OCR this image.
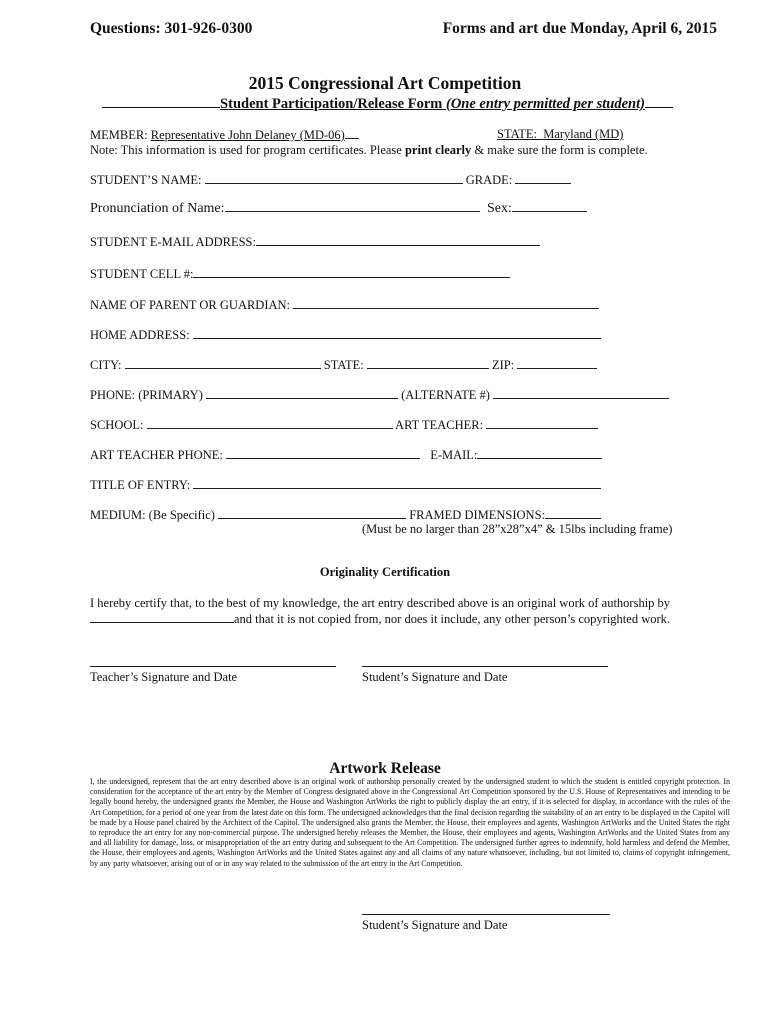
Questions: 301-926-0300	Forms and art due Monday, April 6, 2015
2015 Congressional Art Competition
Student Participation/Release Form (One entry permitted per student)
MEMBER: Representative John Delaney (MD-06)	STATE: Maryland (MD)
Note: This information is used for program certificates. Please print clearly & make sure the form is complete.
STUDENT’S NAME:	GRADE:
Pronunciation of Name:	Sex:
STUDENT E-MAIL ADDRESS:
STUDENT CELL #:
NAME OF PARENT OR GUARDIAN:
HOME ADDRESS:
CITY:	STATE:	ZIP:
PHONE: (PRIMARY)	(ALTERNATE #)
SCHOOL:	ART TEACHER:
ART TEACHER PHONE:	E-MAIL:
TITLE OF ENTRY:
MEDIUM: (Be Specific)	FRAMED DIMENSIONS:
(Must be no larger than 28”x28”x4” & 15lbs including frame)
Originality Certification
I hereby certify that, to the best of my knowledge, the art entry described above is an original work of authorship by
and that it is not copied from, nor does it include, any other person’s copyrighted work.
Teacher’s Signature and Date	Student’s Signature and Date
Artwork Release
I, the undersigned, represent that the art entry described above is an original work of authorship personally created by the undersigned student to which the student is entitled copyright protection. In consideration for the acceptance of the art entry by the Member of Congress designated above in the Congressional Art Competition sponsored by the U.S. House of Representatives and intending to be legally bound hereby, the undersigned grants the Member, the House and Washington ArtWorks the right to publicly display the art entry, if it is selected for display, in accordance with the rules of the Art Competition, for a period of one year from the latest date on this form. The undersigned acknowledges that the final decision regarding the suitability of an art entry to be displayed in the Capitol will be made by a House panel chaired by the Architect of the Capitol. The undersigned also grants the Member, the House, their employees and agents, Washington ArtWorks and the United States the right to reproduce the art entry for any non-commercial purpose. The undersigned hereby releases the Member, the House, their employees and agents, Washington ArtWorks and the United States from any and all liability for damage, loss, or misappropriation of the art entry during and subsequent to the Art Competition. The undersigned further agrees to indemnify, hold harmless and defend the Member, the House, their employees and agents, Washington ArtWorks and the United States against any and all claims of any nature whatsoever, including, but not limited to, claims of copyright infringement, by any party whatsoever, arising out of or in any way related to the submission of the art entry in the Art Competition.
Student’s Signature and Date
